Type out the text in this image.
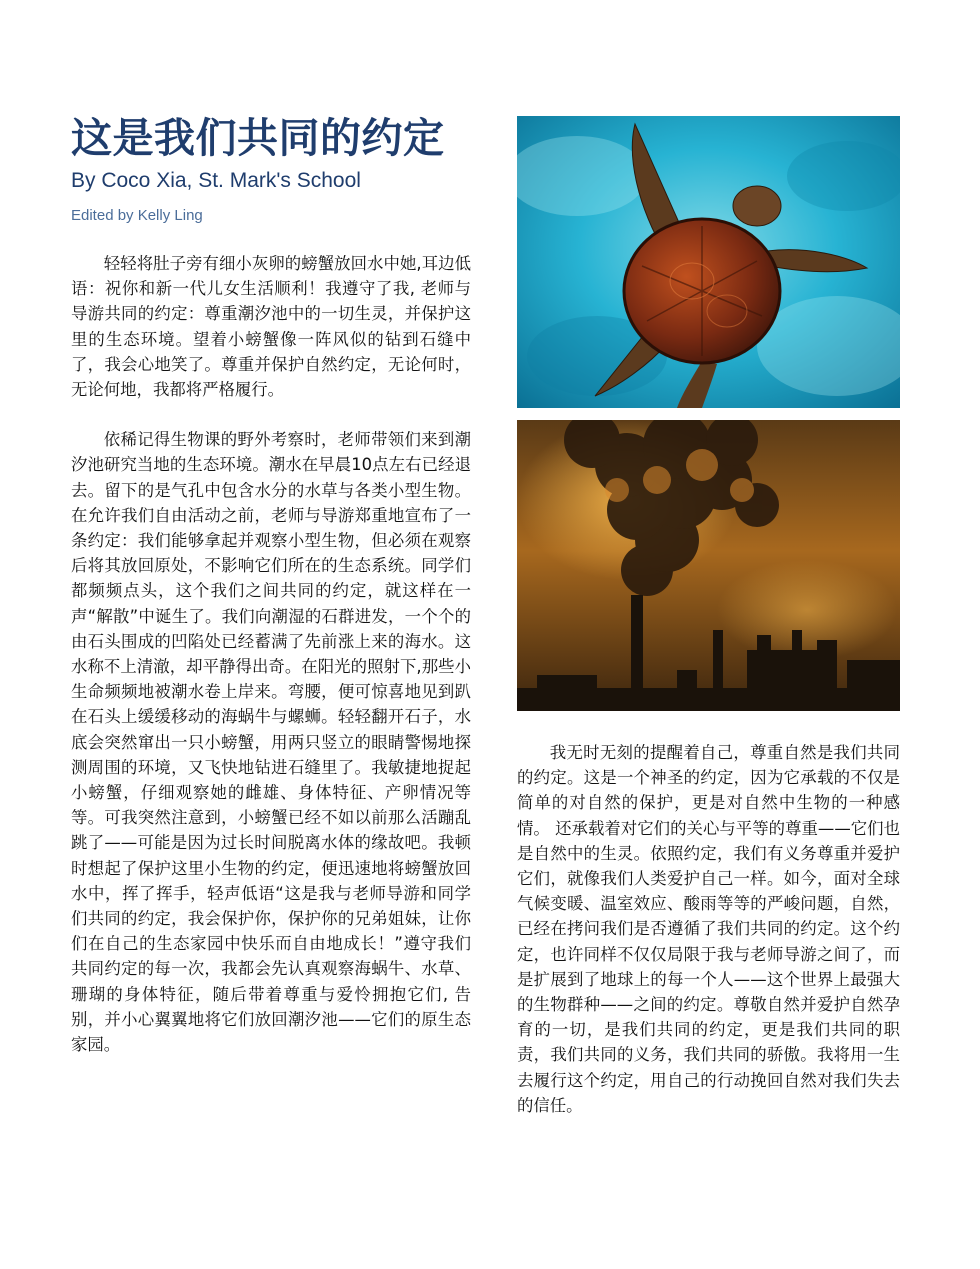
这是我们共同的约定
By Coco Xia, St. Mark's School
Edited by Kelly Ling

轻轻将肚子旁有细小灰卵的螃蟹放回水中她,耳边低语：祝你和新一代儿女生活顺利！我遵守了我, 老师与导游共同的约定：尊重潮汐池中的一切生灵，并保护这里的生态环境。望着小螃蟹像一阵风似的钻到石缝中了，我会心地笑了。尊重并保护自然约定，无论何时，无论何地，我都将严格履行。

依稀记得生物课的野外考察时，老师带领们来到潮汐池研究当地的生态环境。潮水在早晨10点左右已经退去。留下的是气孔中包含水分的水草与各类小型生物。在允许我们自由活动之前，老师与导游郑重地宣布了一条约定：我们能够拿起并观察小型生物，但必须在观察后将其放回原处，不影响它们所在的生态系统。同学们都频频点头，这个我们之间共同的约定，就这样在一声“解散”中诞生了。我们向潮湿的石群进发，一个个的由石头围成的凹陷处已经蓄满了先前涨上来的海水。这水称不上清澈，却平静得出奇。在阳光的照射下,那些小生命频频地被潮水卷上岸来。弯腰，便可惊喜地见到趴在石头上缓缓移动的海蜗牛与螺蛳。轻轻翻开石子，水底会突然窜出一只小螃蟹，用两只竖立的眼睛警惕地探测周围的环境，又飞快地钻进石缝里了。我敏捷地捉起小螃蟹，仔细观察她的雌雄、身体特征、产卵情况等等。可我突然注意到，小螃蟹已经不如以前那么活蹦乱跳了——可能是因为过长时间脱离水体的缘故吧。我顿时想起了保护这里小生物的约定，便迅速地将螃蟹放回水中，挥了挥手，轻声低语“这是我与老师导游和同学们共同的约定，我会保护你，保护你的兄弟姐妹，让你们在自己的生态家园中快乐而自由地成长！”遵守我们共同约定的每一次，我都会先认真观察海蜗牛、水草、珊瑚的身体特征，随后带着尊重与爱怜拥抱它们, 告别，并小心翼翼地将它们放回潮汐池——它们的原生态家园。

我无时无刻的提醒着自己，尊重自然是我们共同的约定。这是一个神圣的约定，因为它承载的不仅是简单的对自然的保护，更是对自然中生物的一种感情。 还承载着对它们的关心与平等的尊重——它们也是自然中的生灵。依照约定，我们有义务尊重并爱护它们，就像我们人类爱护自己一样。如今，面对全球气候变暖、温室效应、酸雨等等的严峻问题，自然，已经在拷问我们是否遵循了我们共同的约定。这个约定，也许同样不仅仅局限于我与老师导游之间了，而是扩展到了地球上的每一个人——这个世界上最强大的生物群种——之间的约定。尊敬自然并爱护自然孕育的一切，是我们共同的约定，更是我们共同的职责，我们共同的义务，我们共同的骄傲。我将用一生去履行这个约定，用自己的行动挽回自然对我们失去的信任。
